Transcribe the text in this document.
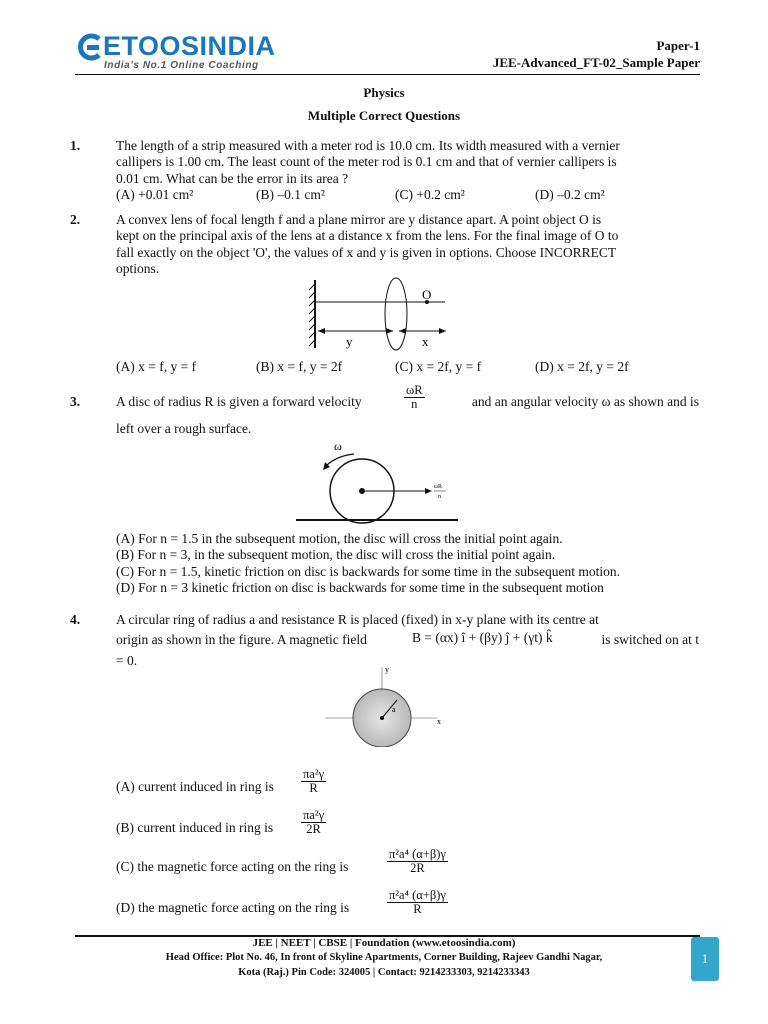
ETOOSINDIA
India's No.1 Online Coaching
Paper-1
JEE-Advanced_FT-02_Sample Paper
Physics
Multiple Correct Questions
1.	The length of a strip measured with a meter rod is 10.0 cm. Its width measured with a vernier
callipers is 1.00 cm. The least count of the meter rod is 0.1 cm and that of vernier callipers is
0.01 cm. What can be the error in its area ?
(A) +0.01 cm²	(B) –0.1 cm²	(C) +0.2 cm²	(D) –0.2 cm²
2.	A convex lens of focal length f and a plane mirror are y distance apart. A point object O is
kept on the principal axis of the lens at a distance x from the lens. For the final image of O to
fall exactly on the object 'O', the values of x and y is given in options. Choose INCORRECT
options.
O
y	x
(A) x = f, y = f	(B) x = f, y = 2f	(C) x = 2f, y = f	(D) x = 2f, y = 2f
3.	A disc of radius R is given a forward velocity	$\frac{\omega R}{n}$	and an angular velocity ω as shown and is
left over a rough surface.
ω
ωR
n
(A) For n = 1.5 in the subsequent motion, the disc will cross the initial point again.
(B) For n = 3, in the subsequent motion, the disc will cross the initial point again.
(C) For n = 1.5, kinetic friction on disc is backwards for some time in the subsequent motion.
(D) For n = 3 kinetic friction on disc is backwards for some time in the subsequent motion
4.	A circular ring of radius a and resistance R is placed (fixed) in x-y plane with its centre at
origin as shown in the figure. A magnetic field	B = (αx) î + (βy) ĵ + (γt) k̂	is switched on at t
= 0.
y
x
a
(A) current induced in ring is $\frac{\text{πa²γ}}{R}$
(B) current induced in ring is $\frac{\text{πa²γ}}{2R}$
(C) the magnetic force acting on the ring is	$\frac{\text{π²a⁴ (α+β)γ}}{2R}$
(D) the magnetic force acting on the ring is	$\frac{\text{π²a⁴ (α+β)γ}}{R}$
JEE | NEET | CBSE | Foundation (www.etoosindia.com)
Head Office: Plot No. 46, In front of Skyline Apartments, Corner Building, Rajeev Gandhi Nagar,
Kota (Raj.) Pin Code: 324005 | Contact: 9214233303, 9214233343
1
